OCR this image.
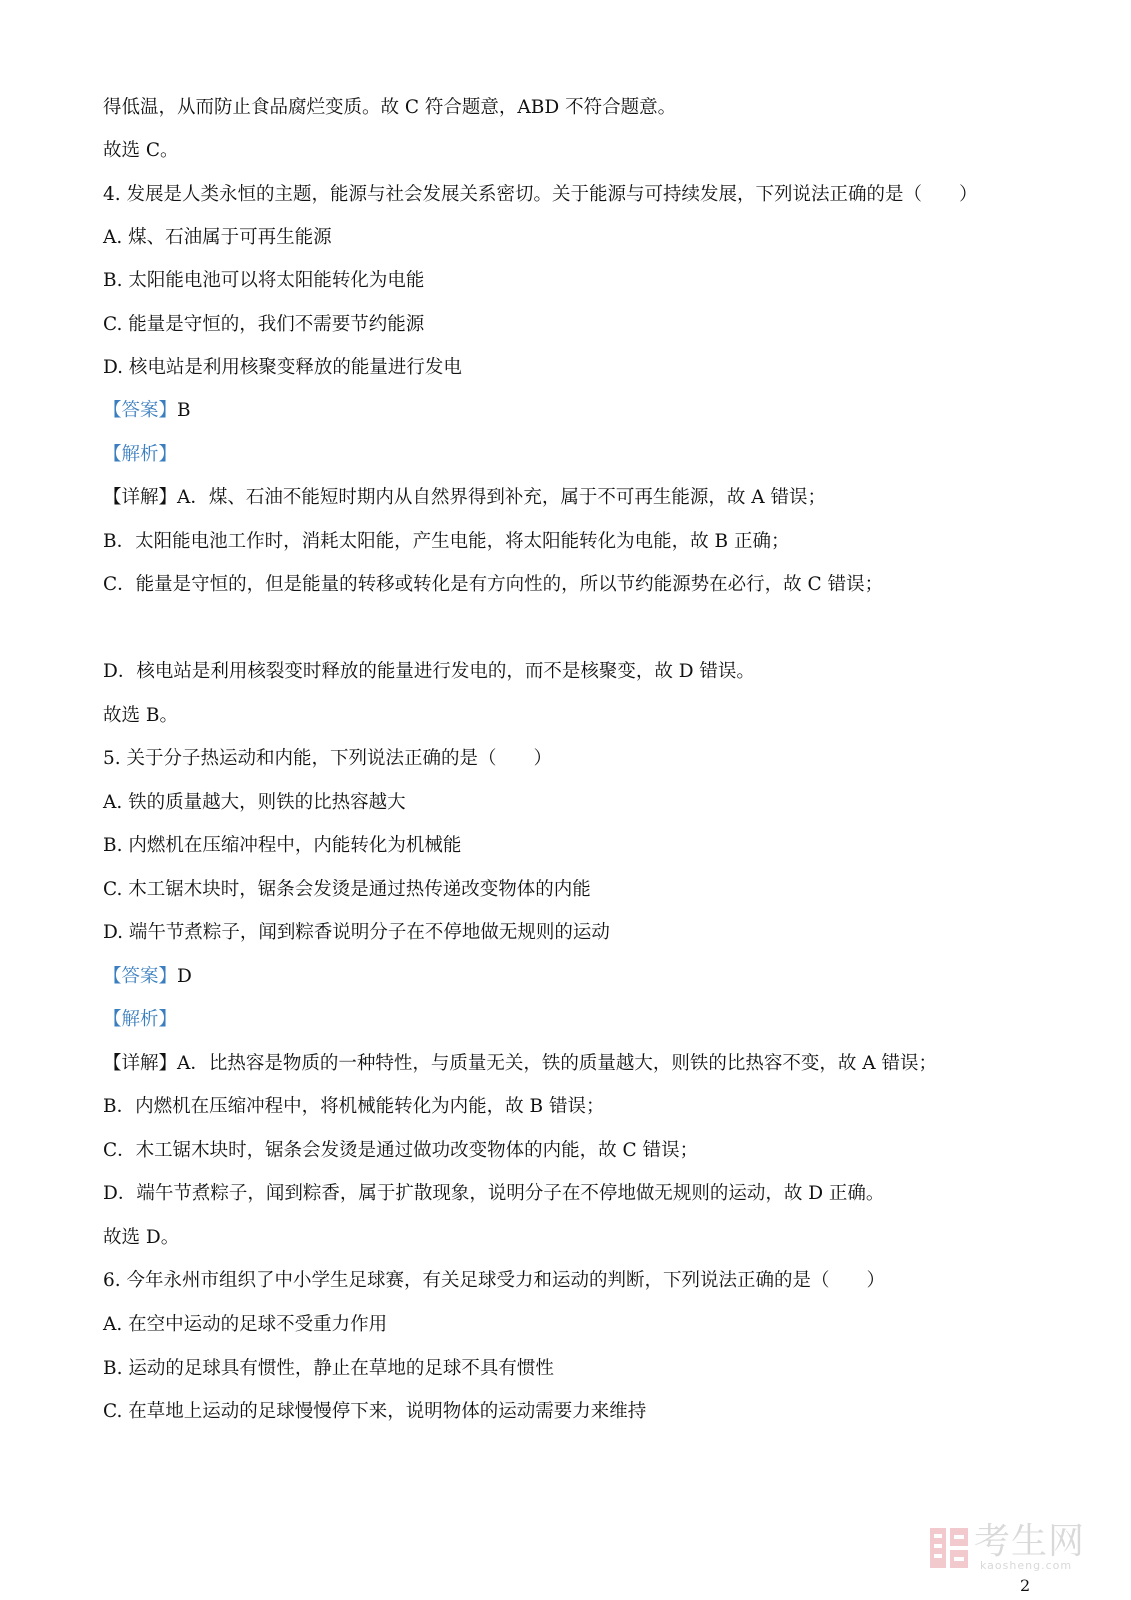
得低温，从而防止食品腐烂变质。故 C 符合题意，ABD 不符合题意。
故选 C。
4. 发展是人类永恒的主题，能源与社会发展关系密切。关于能源与可持续发展，下列说法正确的是（　　）
A. 煤、石油属于可再生能源
B. 太阳能电池可以将太阳能转化为电能
C. 能量是守恒的，我们不需要节约能源
D. 核电站是利用核聚变释放的能量进行发电
【答案】B
【解析】
【详解】A．煤、石油不能短时期内从自然界得到补充，属于不可再生能源，故 A 错误；
B．太阳能电池工作时，消耗太阳能，产生电能，将太阳能转化为电能，故 B 正确；
C．能量是守恒的，但是能量的转移或转化是有方向性的，所以节约能源势在必行，故 C 错误；
D．核电站是利用核裂变时释放的能量进行发电的，而不是核聚变，故 D 错误。
故选 B。
5. 关于分子热运动和内能，下列说法正确的是（　　）
A. 铁的质量越大，则铁的比热容越大
B. 内燃机在压缩冲程中，内能转化为机械能
C. 木工锯木块时，锯条会发烫是通过热传递改变物体的内能
D. 端午节煮粽子，闻到粽香说明分子在不停地做无规则的运动
【答案】D
【解析】
【详解】A．比热容是物质的一种特性，与质量无关，铁的质量越大，则铁的比热容不变，故 A 错误；
B．内燃机在压缩冲程中，将机械能转化为内能，故 B 错误；
C．木工锯木块时，锯条会发烫是通过做功改变物体的内能，故 C 错误；
D．端午节煮粽子，闻到粽香，属于扩散现象，说明分子在不停地做无规则的运动，故 D 正确。
故选 D。
6. 今年永州市组织了中小学生足球赛，有关足球受力和运动的判断，下列说法正确的是（　　）
A. 在空中运动的足球不受重力作用
B. 运动的足球具有惯性，静止在草地的足球不具有惯性
C. 在草地上运动的足球慢慢停下来，说明物体的运动需要力来维持
考生网
kaosheng.com
2
